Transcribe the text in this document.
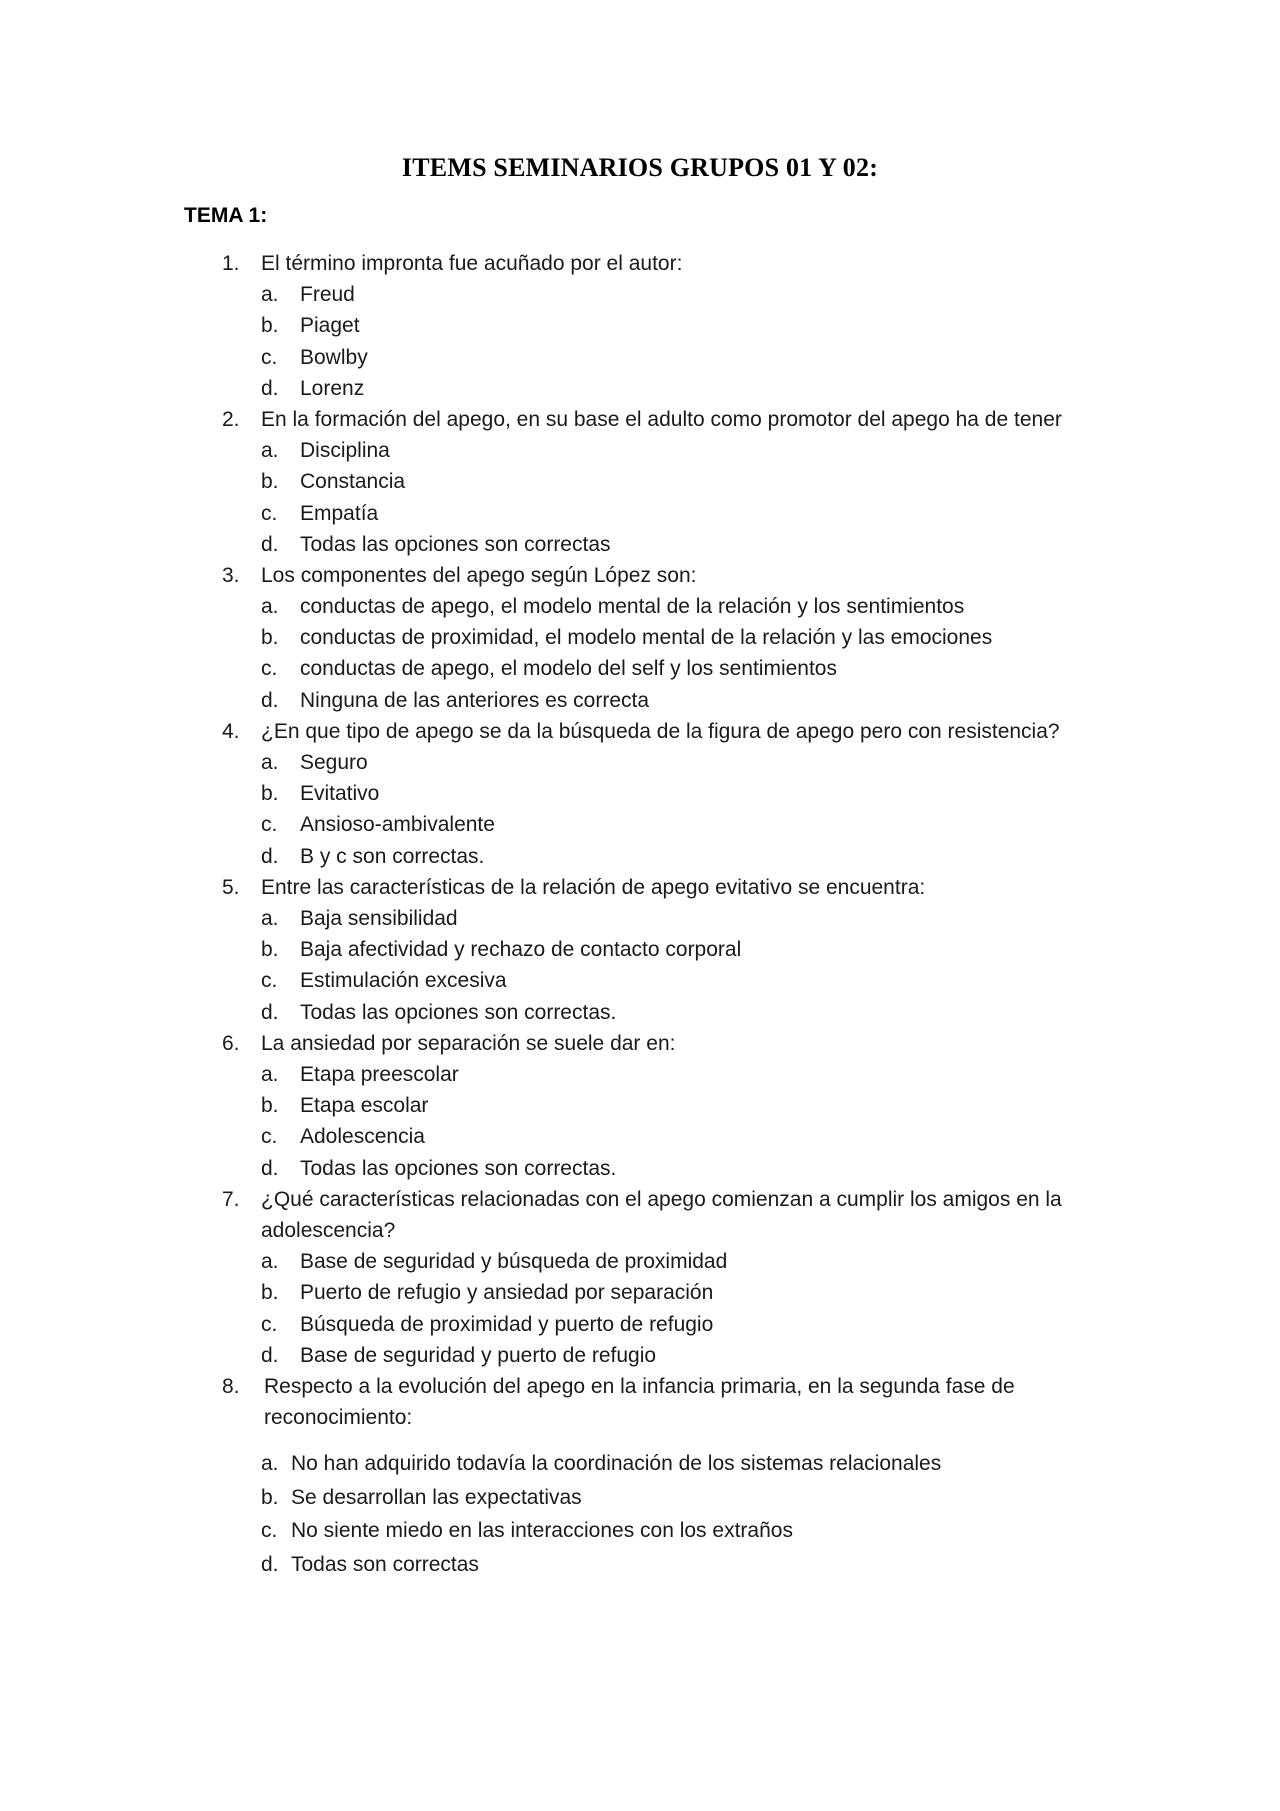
ITEMS SEMINARIOS GRUPOS 01 Y 02:
TEMA 1:
1.	El término impronta fue acuñado por el autor:
a. Freud
b. Piaget
c. Bowlby
d. Lorenz
2.	En la formación del apego, en su base el adulto como promotor del apego ha de tener
a. Disciplina
b. Constancia
c. Empatía
d. Todas las opciones son correctas
3.	Los componentes del apego según López son:
a. conductas de apego, el modelo mental de la relación y los sentimientos
b. conductas de proximidad, el modelo mental de la relación y las emociones
c. conductas de apego, el modelo del self y los sentimientos
d. Ninguna de las anteriores es correcta
4.	¿En que tipo de apego se da la búsqueda de la figura de apego pero con resistencia?
a. Seguro
b. Evitativo
c. Ansioso-ambivalente
d. B y c son correctas.
5.	Entre las características de la relación de apego evitativo se encuentra:
a. Baja sensibilidad
b. Baja afectividad y rechazo de contacto corporal
c. Estimulación excesiva
d. Todas las opciones son correctas.
6.	La ansiedad por separación se suele dar en:
a. Etapa preescolar
b. Etapa escolar
c. Adolescencia
d. Todas las opciones son correctas.
7.	¿Qué características relacionadas con el apego comienzan a cumplir los amigos en la adolescencia?
a. Base de seguridad y búsqueda de proximidad
b. Puerto de refugio y ansiedad por separación
c. Búsqueda de proximidad y puerto de refugio
d. Base de seguridad y puerto de refugio
8.	Respecto a la evolución del apego en la infancia primaria, en la segunda fase de reconocimiento:
a. No han adquirido todavía la coordinación de los sistemas relacionales
b. Se desarrollan las expectativas
c. No siente miedo en las interacciones con los extraños
d. Todas son correctas
